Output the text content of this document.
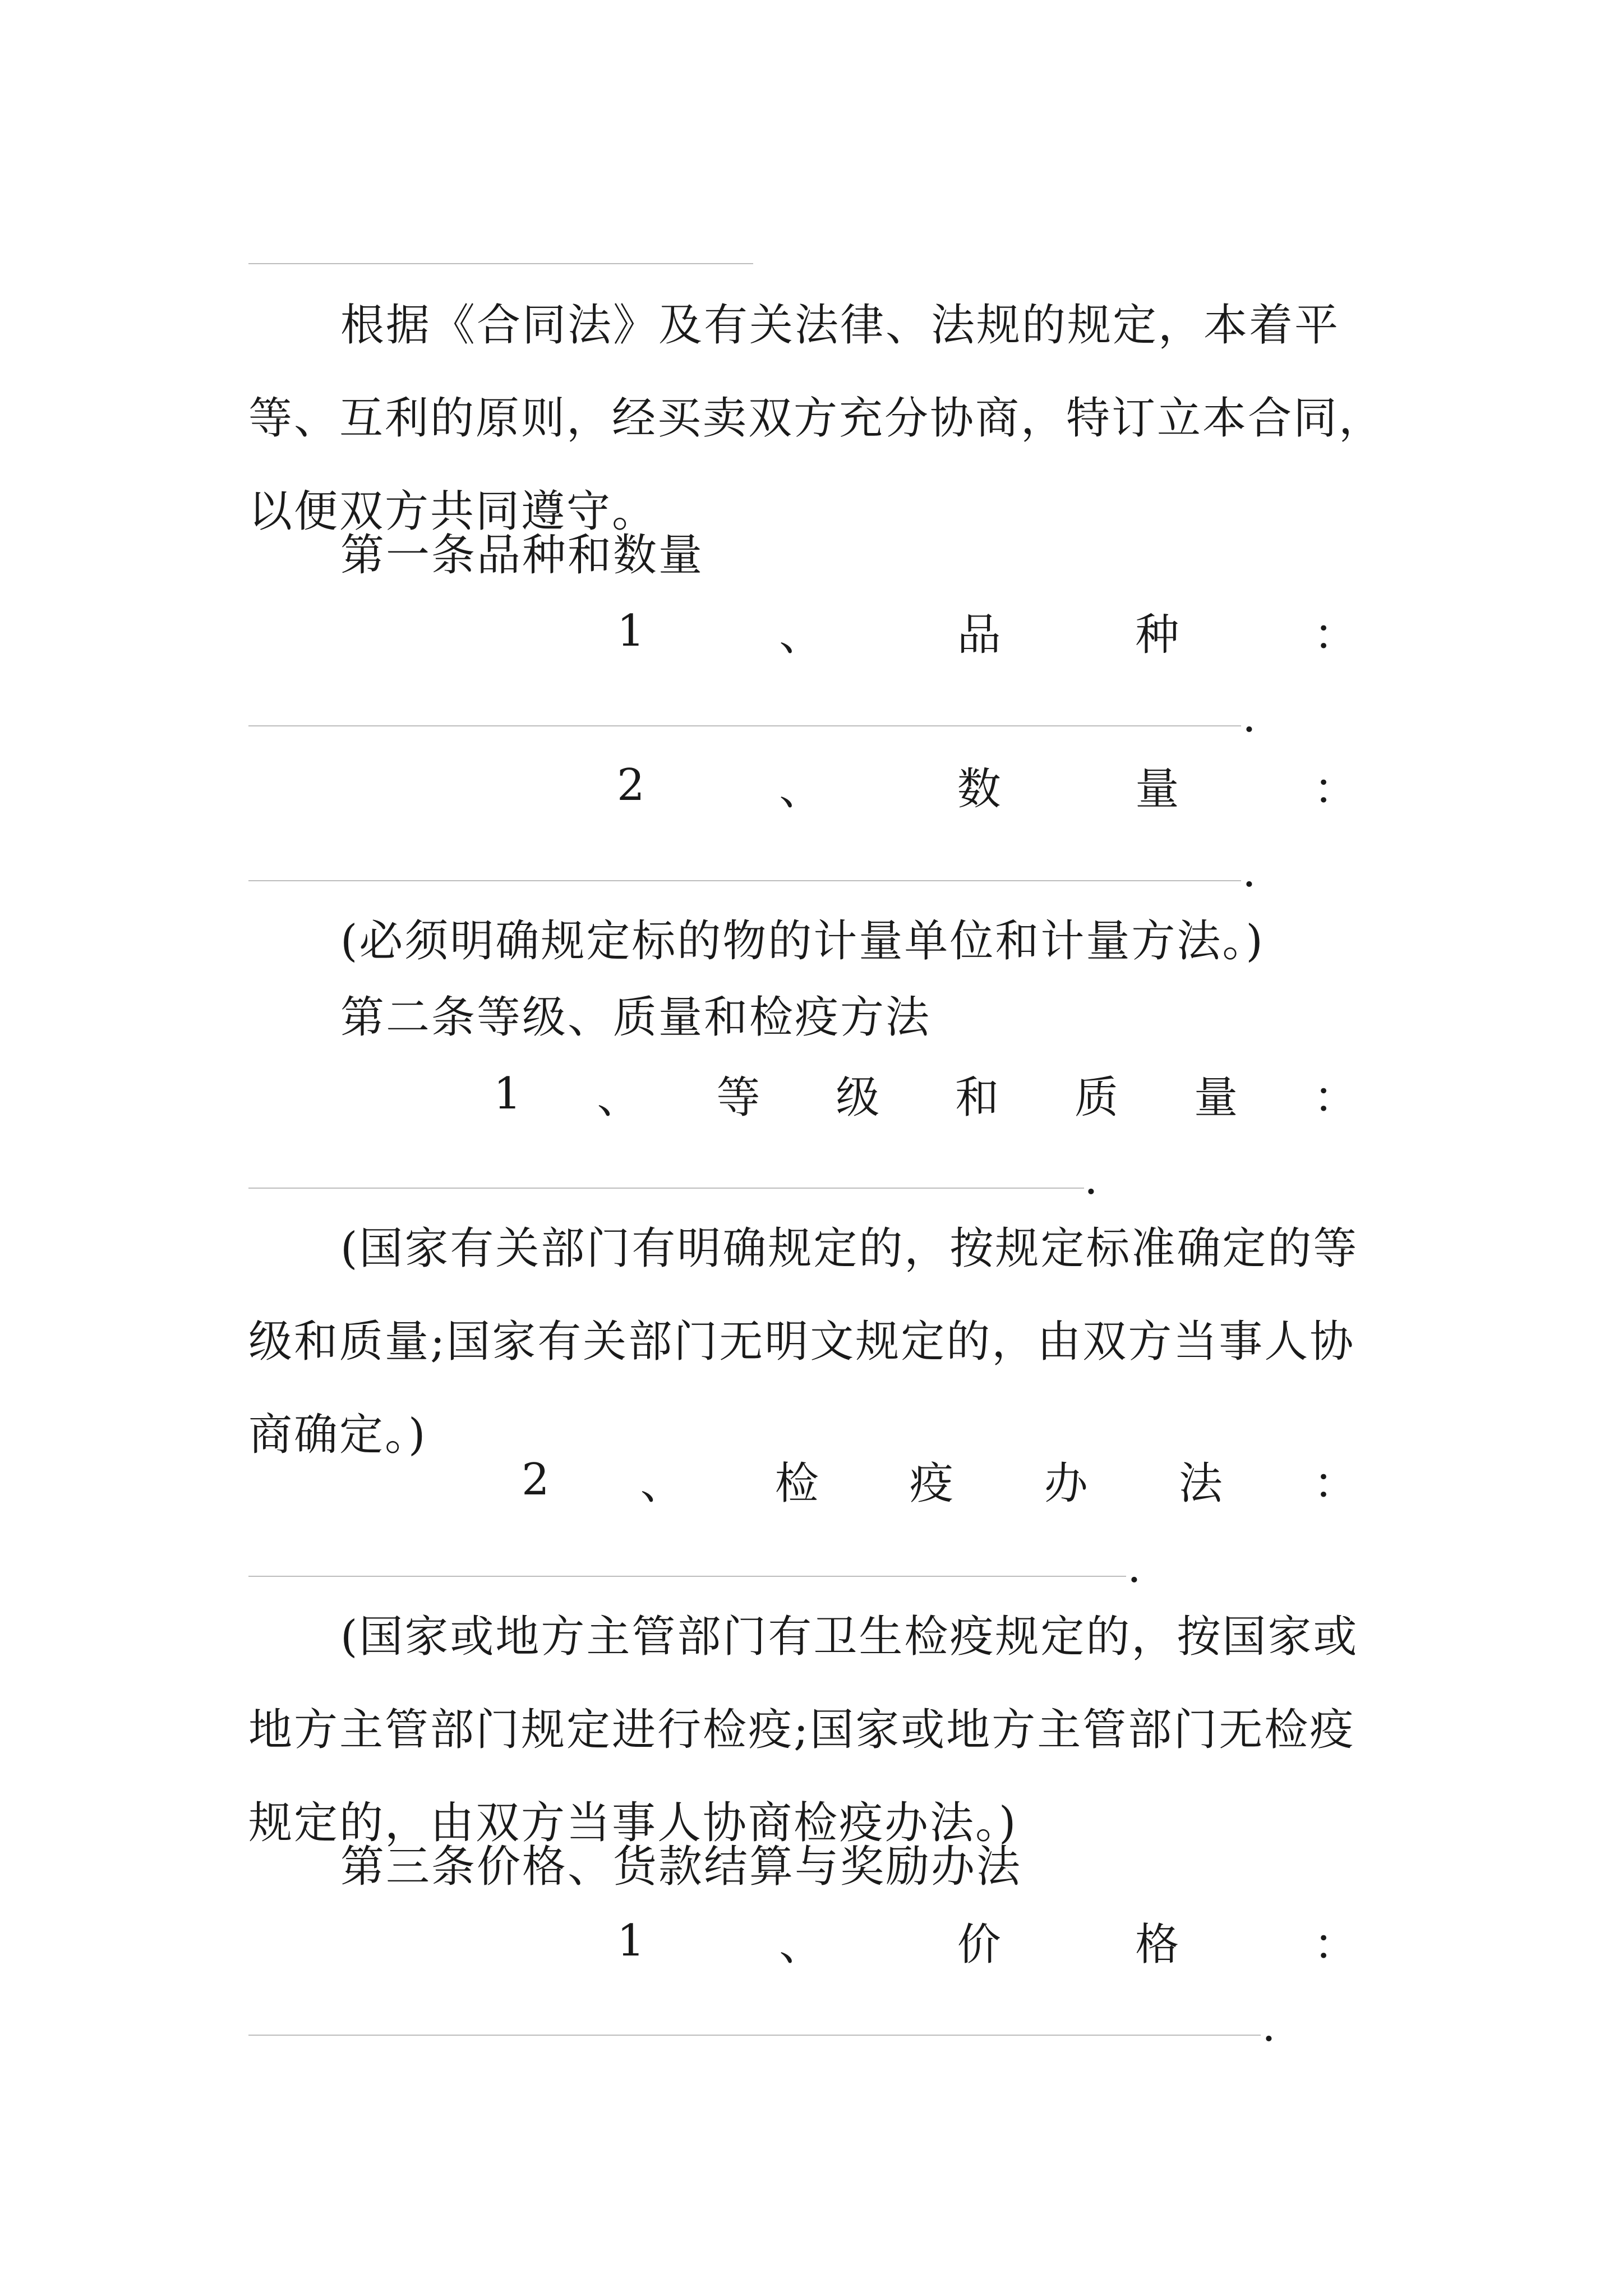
根据《合同法》及有关法律、法规的规定，本着平等、互利的原则，经买卖双方充分协商，特订立本合同，以便双方共同遵守。
第一条品种和数量
1	、	品	种	：
.
2	、	数	量	：
.
(必须明确规定标的物的计量单位和计量方法。)
第二条等级、质量和检疫方法
1 、 等 级 和 质 量 ：
.
(国家有关部门有明确规定的，按规定标准确定的等级和质量;国家有关部门无明文规定的，由双方当事人协商确定。)
2 、 检 疫 办 法 ：
.
(国家或地方主管部门有卫生检疫规定的，按国家或地方主管部门规定进行检疫;国家或地方主管部门无检疫规定的，由双方当事人协商检疫办法。)
第三条价格、货款结算与奖励办法
1	、	价	格	：
.
